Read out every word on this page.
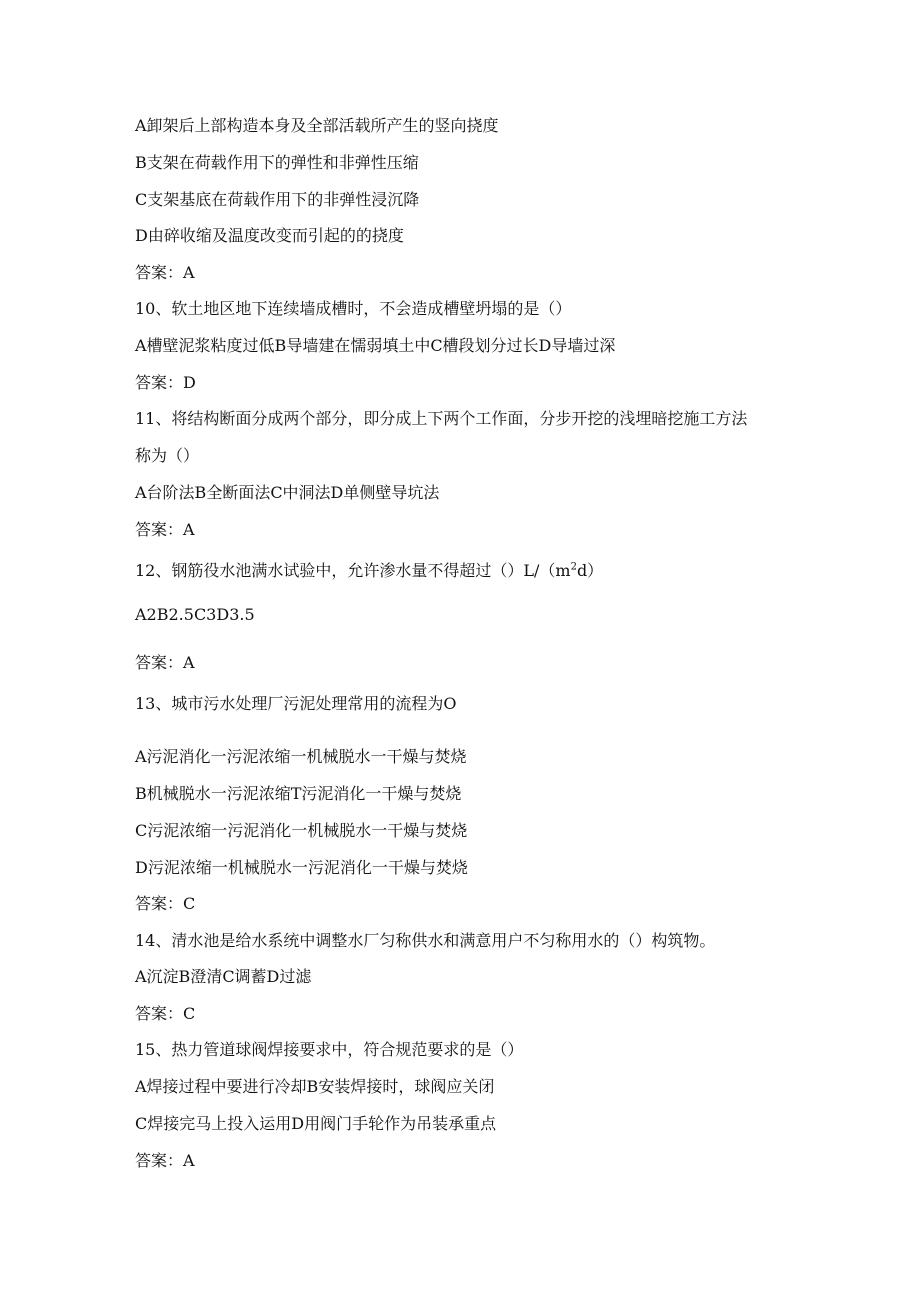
A卸架后上部构造本身及全部活载所产生的竖向挠度
B支架在荷载作用下的弹性和非弹性压缩
C支架基底在荷载作用下的非弹性浸沉降
D由碎收缩及温度改变而引起的的挠度
答案：A
10、软土地区地下连续墙成槽时，不会造成槽壁坍塌的是（）
A槽壁泥浆粘度过低B导墙建在懦弱填土中C槽段划分过长D导墙过深
答案：D
11、将结构断面分成两个部分，即分成上下两个工作面，分步开挖的浅埋暗挖施工方法
称为（）
A台阶法B全断面法C中洞法D单侧壁导坑法
答案：A
12、钢筋役水池满水试验中，允许渗水量不得超过$()L/(m^2d)$
A2B2.5C3D3.5
答案：A
13、城市污水处理厂污泥处理常用的流程为O
A污泥消化一污泥浓缩一机械脱水一干燥与焚烧
B机械脱水一污泥浓缩T污泥消化一干燥与焚烧
C污泥浓缩一污泥消化一机械脱水一干燥与焚烧
D污泥浓缩一机械脱水一污泥消化一干燥与焚烧
答案：C
14、清水池是给水系统中调整水厂匀称供水和满意用户不匀称用水的（）构筑物。
A沉淀B澄清C调蓄D过滤
答案：C
15、热力管道球阀焊接要求中，符合规范要求的是（）
A焊接过程中要进行冷却B安装焊接时，球阀应关闭
C焊接完马上投入运用D用阀门手轮作为吊装承重点
答案：A
